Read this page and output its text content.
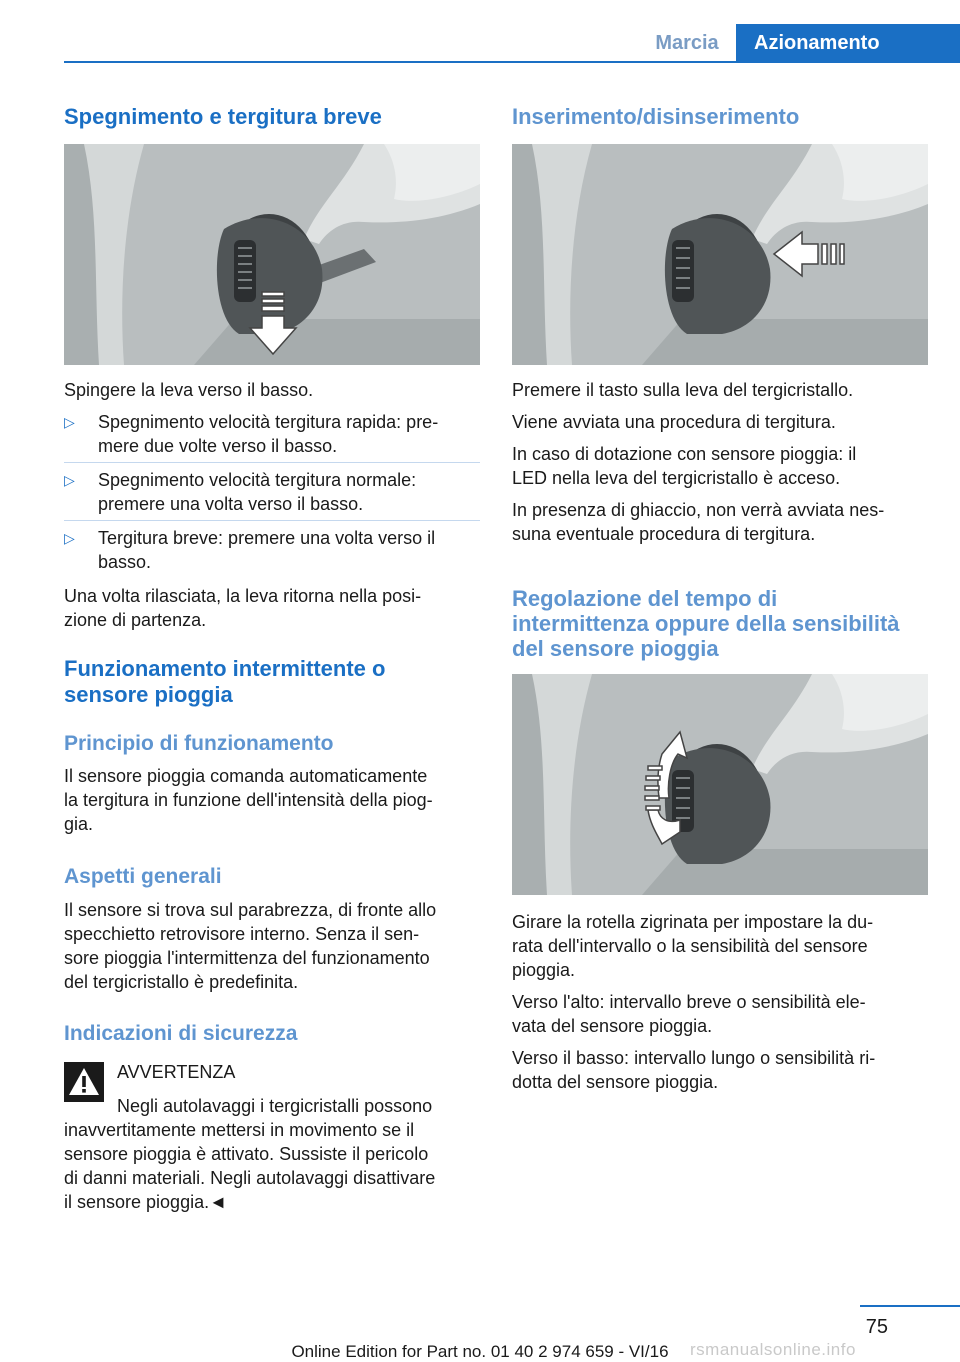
Marcia	Azionamento
Spegnimento e tergitura breve

Spingere la leva verso il basso.

▷ Spegnimento velocità tergitura rapida: pre‐
mere due volte verso il basso.
▷ Spegnimento velocità tergitura normale:
premere una volta verso il basso.
▷ Tergitura breve: premere una volta verso il
basso.

Una volta rilasciata, la leva ritorna nella posi‐

zione di partenza.

Funzionamento intermittente o
sensore pioggia
Principio di funzionamento

Il sensore pioggia comanda automaticamente

la tergitura in funzione dell'intensità della piog‐

gia.

Aspetti generali

Il sensore si trova sul parabrezza, di fronte allo

specchietto retrovisore interno. Senza il sen‐

sore pioggia l'intermittenza del funzionamento

del tergicristallo è predefinita.

Indicazioni di sicurezza

AVVERTENZA

Negli autolavaggi i tergicristalli possono

inavvertitamente mettersi in movimento se il

sensore pioggia è attivato. Sussiste il pericolo

di danni materiali. Negli autolavaggi disattivare

il sensore pioggia.◄

Inserimento/disinserimento

Premere il tasto sulla leva del tergicristallo.

Viene avviata una procedura di tergitura.

In caso di dotazione con sensore pioggia: il

LED nella leva del tergicristallo è acceso.

In presenza di ghiaccio, non verrà avviata nes‐

suna eventuale procedura di tergitura.

Regolazione del tempo di
intermittenza oppure della sensibilità
del sensore pioggia

Girare la rotella zigrinata per impostare la du‐

rata dell'intervallo o la sensibilità del sensore

pioggia.

Verso l'alto: intervallo breve o sensibilità ele‐

vata del sensore pioggia.

Verso il basso: intervallo lungo o sensibilità ri‐

dotta del sensore pioggia.

75
Online Edition for Part no. 01 40 2 974 659 - VI/16	rsmanualsonline.info
